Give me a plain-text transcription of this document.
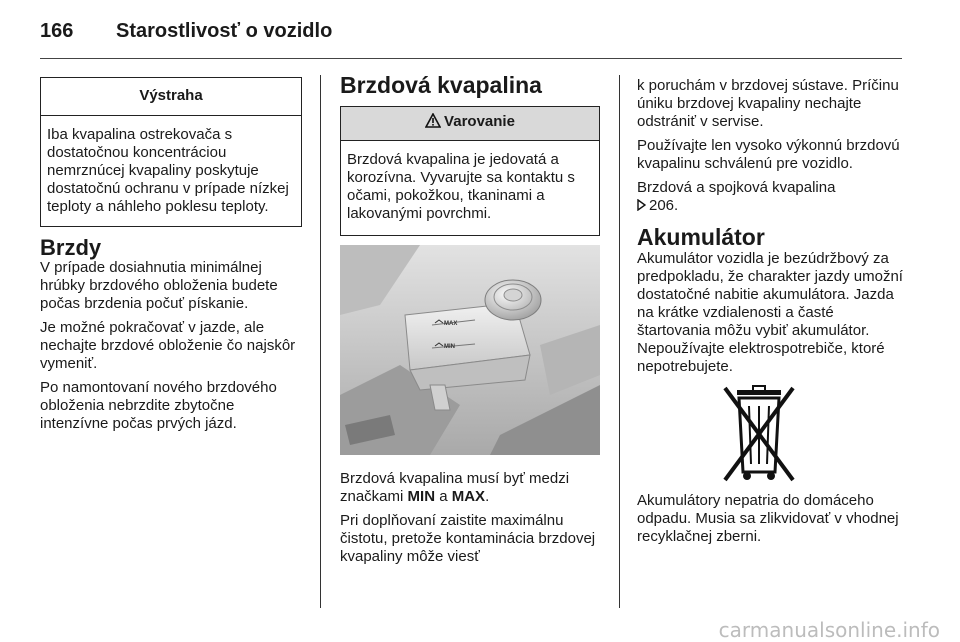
166 Starostlivosť o vozidlo
Výstraha
Iba kvapalina ostrekovača s dostatočnou koncentráciou nemrznúcej kvapaliny poskytuje dostatočnú ochranu v prípade nízkej teploty a náhleho poklesu teploty.
Brzdy

V prípade dosiahnutia minimálnej hrúbky brzdového obloženia budete počas brzdenia počuť pískanie.

Je možné pokračovať v jazde, ale nechajte brzdové obloženie čo najskôr vymeniť.

Po namontovaní nového brzdového obloženia nebrzdite zbytočne intenzívne počas prvých jázd.

Brzdová kvapalina
Varovanie
Brzdová kvapalina je jedovatá a korozívna. Vyvarujte sa kontaktu s očami, pokožkou, tkaninami a lakovanými povrchmi.
MAX
MIN

Brzdová kvapalina musí byť medzi značkami MIN a MAX.

Pri doplňovaní zaistite maximálnu čistotu, pretože kontaminácia brzdovej kvapaliny môže viesť

k poruchám v brzdovej sústave. Príčinu úniku brzdovej kvapaliny nechajte odstrániť v servise.

Používajte len vysoko výkonnú brzdovú kvapalinu schválenú pre vozidlo.

Brzdová a spojková kvapalina
206.

Akumulátor

Akumulátor vozidla je bezúdržbový za predpokladu, že charakter jazdy umožní dostatočné nabitie akumulátora. Jazda na krátke vzdialenosti a časté štartovania môžu vybiť akumulátor. Nepoužívajte elektrospotrebiče, ktoré nepotrebujete.

Akumulátory nepatria do domáceho odpadu. Musia sa zlikvidovať v vhodnej recyklačnej zberni.

carmanualsonline.info
